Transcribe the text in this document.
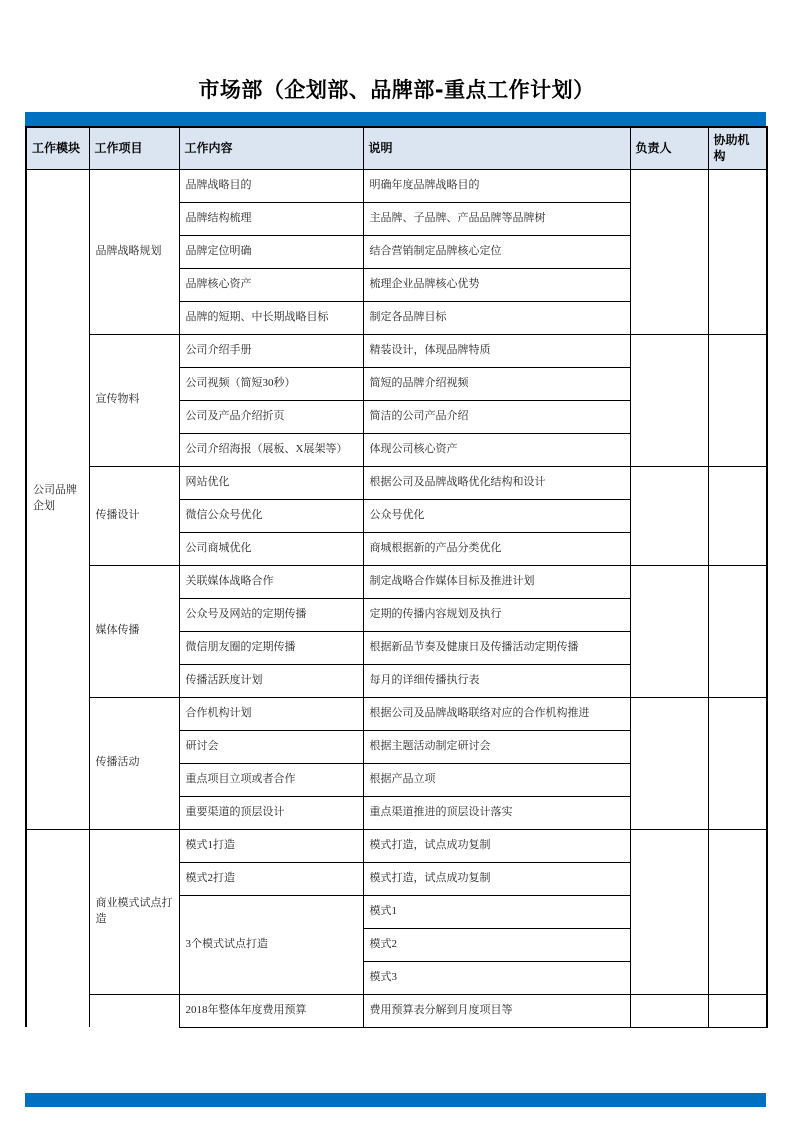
市场部（企划部、品牌部-重点工作计划）
工作模块	工作项目	工作内容	说明	负责人	协助机构
公司品牌企划	品牌战略规划	品牌战略目的	明确年度品牌战略目的		
		品牌结构梳理	主品牌、子品牌、产品品牌等品牌树		
		品牌定位明确	结合营销制定品牌核心定位		
		品牌核心资产	梳理企业品牌核心优势		
		品牌的短期、中长期战略目标	制定各品牌目标		
	宣传物料	公司介绍手册	精装设计，体现品牌特质		
		公司视频（简短30秒）	简短的品牌介绍视频		
		公司及产品介绍折页	简洁的公司产品介绍		
		公司介绍海报（展板、X展架等）	体现公司核心资产		
	传播设计	网站优化	根据公司及品牌战略优化结构和设计		
		微信公众号优化	公众号优化		
		公司商城优化	商城根据新的产品分类优化		
	媒体传播	关联媒体战略合作	制定战略合作媒体目标及推进计划		
		公众号及网站的定期传播	定期的传播内容规划及执行		
		微信朋友圈的定期传播	根据新品节奏及健康日及传播活动定期传播		
		传播活跃度计划	每月的详细传播执行表		
	传播活动	合作机构计划	根据公司及品牌战略联络对应的合作机构推进		
		研讨会	根据主题活动制定研讨会		
		重点项目立项或者合作	根据产品立项		
		重要渠道的顶层设计	重点渠道推进的顶层设计落实		
	商业模式试点打造	模式1打造	模式打造，试点成功复制		
		模式2打造	模式打造，试点成功复制		
		3个模式试点打造	模式1		
			模式2		
			模式3		
		2018年整体年度费用预算	费用预算表分解到月度项目等		
